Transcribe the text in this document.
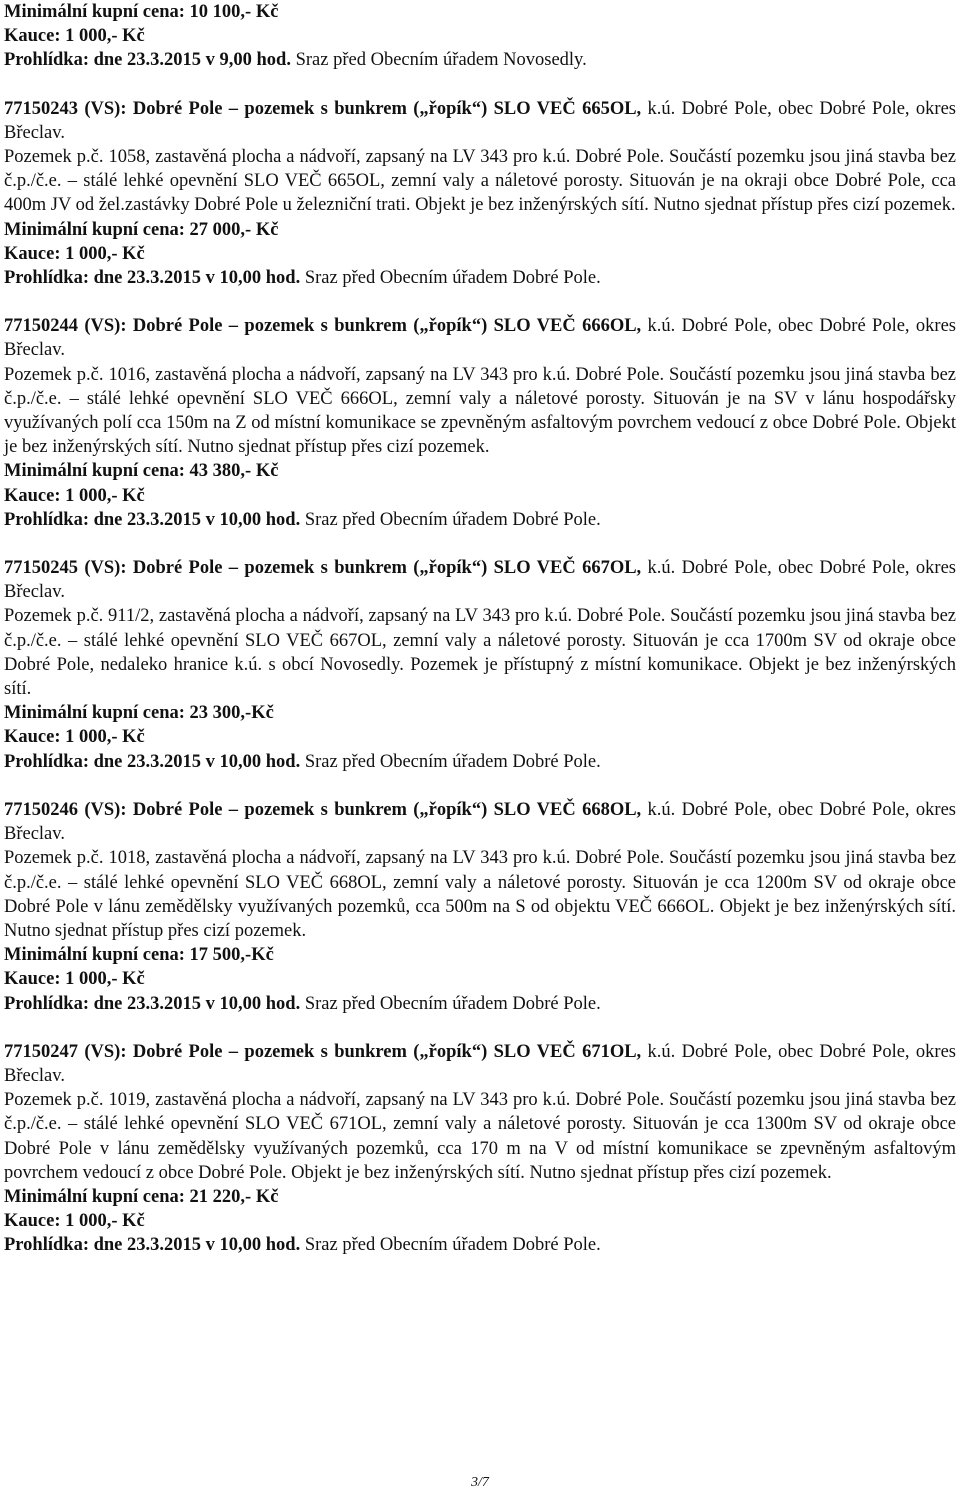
Minimální kupní cena: 10 100,- Kč

Kauce: 1 000,- Kč

Prohlídka: dne 23.3.2015 v 9,00 hod. Sraz před Obecním úřadem Novosedly.

77150243 (VS): Dobré Pole – pozemek s bunkrem („řopík“) SLO VEČ 665OL, k.ú. Dobré Pole, obec Dobré Pole, okres Břeclav.

Pozemek p.č. 1058, zastavěná plocha a nádvoří, zapsaný na LV 343 pro k.ú. Dobré Pole. Součástí pozemku jsou jiná stavba bez č.p./č.e. – stálé lehké opevnění SLO VEČ 665OL, zemní valy a náletové porosty. Situován je na okraji obce Dobré Pole, cca 400m JV od žel.zastávky Dobré Pole u železniční trati. Objekt je bez inženýrských sítí. Nutno sjednat přístup přes cizí pozemek.

Minimální kupní cena: 27 000,- Kč

Kauce: 1 000,- Kč

Prohlídka: dne 23.3.2015 v 10,00 hod. Sraz před Obecním úřadem Dobré Pole.

77150244 (VS): Dobré Pole – pozemek s bunkrem („řopík“) SLO VEČ 666OL, k.ú. Dobré Pole, obec Dobré Pole, okres Břeclav.

Pozemek p.č. 1016, zastavěná plocha a nádvoří, zapsaný na LV 343 pro k.ú. Dobré Pole. Součástí pozemku jsou jiná stavba bez č.p./č.e. – stálé lehké opevnění SLO VEČ 666OL, zemní valy a náletové porosty. Situován je na SV v lánu hospodářsky využívaných polí cca 150m na Z od místní komunikace se zpevněným asfaltovým povrchem vedoucí z obce Dobré Pole. Objekt je bez inženýrských sítí. Nutno sjednat přístup přes cizí pozemek.

Minimální kupní cena: 43 380,- Kč

Kauce: 1 000,- Kč

Prohlídka: dne 23.3.2015 v 10,00 hod. Sraz před Obecním úřadem Dobré Pole.

77150245 (VS): Dobré Pole – pozemek s bunkrem („řopík“) SLO VEČ 667OL, k.ú. Dobré Pole, obec Dobré Pole, okres Břeclav.

Pozemek p.č. 911/2, zastavěná plocha a nádvoří, zapsaný na LV 343 pro k.ú. Dobré Pole. Součástí pozemku jsou jiná stavba bez č.p./č.e. – stálé lehké opevnění SLO VEČ 667OL, zemní valy a náletové porosty. Situován je cca 1700m SV od okraje obce Dobré Pole, nedaleko hranice k.ú. s obcí Novosedly. Pozemek je přístupný z místní komunikace. Objekt je bez inženýrských sítí.

Minimální kupní cena: 23 300,-Kč

Kauce: 1 000,- Kč

Prohlídka: dne 23.3.2015 v 10,00 hod. Sraz před Obecním úřadem Dobré Pole.

77150246 (VS): Dobré Pole – pozemek s bunkrem („řopík“) SLO VEČ 668OL, k.ú. Dobré Pole, obec Dobré Pole, okres Břeclav.

Pozemek p.č. 1018, zastavěná plocha a nádvoří, zapsaný na LV 343 pro k.ú. Dobré Pole. Součástí pozemku jsou jiná stavba bez č.p./č.e. – stálé lehké opevnění SLO VEČ 668OL, zemní valy a náletové porosty. Situován je cca 1200m SV od okraje obce Dobré Pole v lánu zemědělsky využívaných pozemků, cca 500m na S od objektu VEČ 666OL. Objekt je bez inženýrských sítí. Nutno sjednat přístup přes cizí pozemek.

Minimální kupní cena: 17 500,-Kč

Kauce: 1 000,- Kč

Prohlídka: dne 23.3.2015 v 10,00 hod. Sraz před Obecním úřadem Dobré Pole.

77150247 (VS): Dobré Pole – pozemek s bunkrem („řopík“) SLO VEČ 671OL, k.ú. Dobré Pole, obec Dobré Pole, okres Břeclav.

Pozemek p.č. 1019, zastavěná plocha a nádvoří, zapsaný na LV 343 pro k.ú. Dobré Pole. Součástí pozemku jsou jiná stavba bez č.p./č.e. – stálé lehké opevnění SLO VEČ 671OL, zemní valy a náletové porosty. Situován je cca 1300m SV od okraje obce Dobré Pole v lánu zemědělsky využívaných pozemků, cca 170 m na V od místní komunikace se zpevněným asfaltovým povrchem vedoucí z obce Dobré Pole. Objekt je bez inženýrských sítí. Nutno sjednat přístup přes cizí pozemek.

Minimální kupní cena: 21 220,- Kč

Kauce: 1 000,- Kč

Prohlídka: dne 23.3.2015 v 10,00 hod. Sraz před Obecním úřadem Dobré Pole.

3/7
